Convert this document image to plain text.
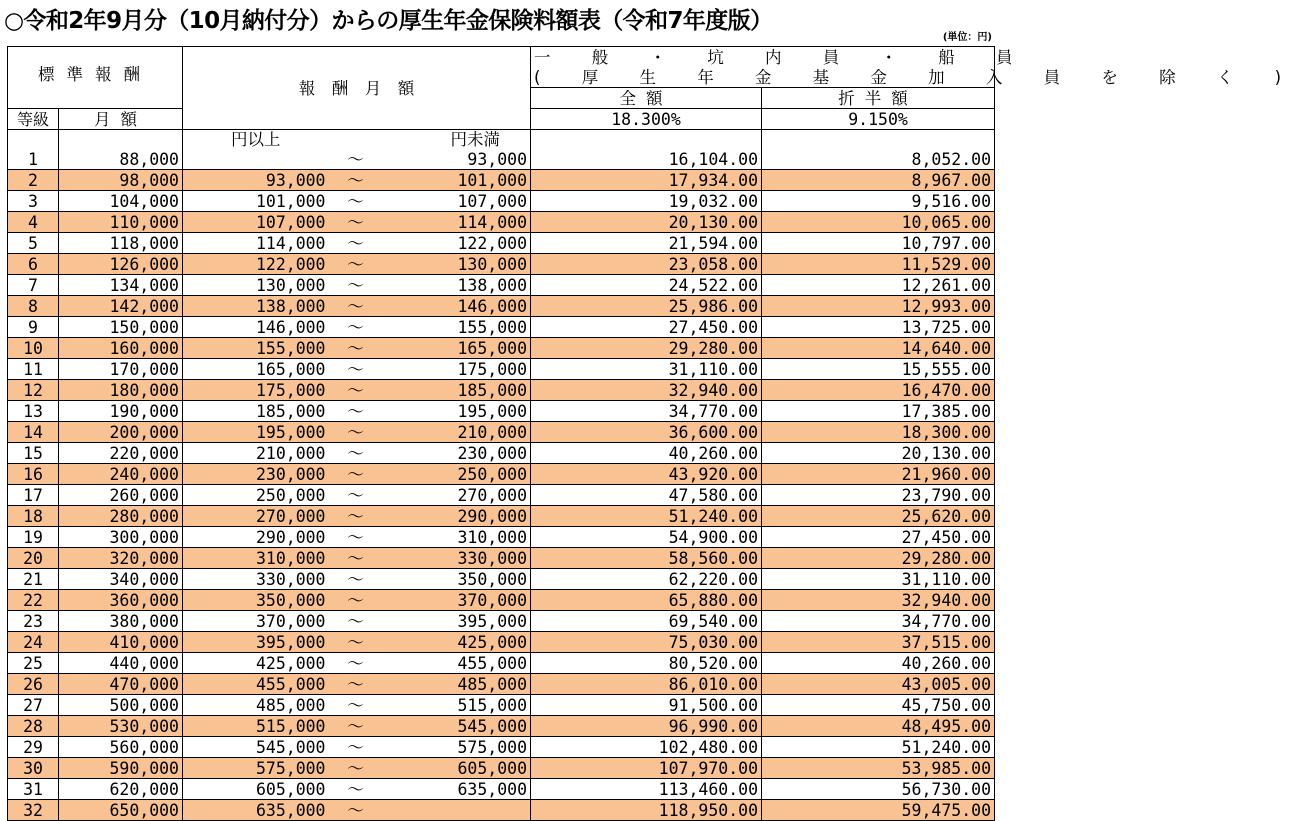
○令和2年9月分（10月納付分）からの厚生年金保険料額表（令和7年度版）
(単位：円)
標準報酬		報　酬　月　額			一 般 ・ 坑 内 員 ・ 船 員	
					( 厚 生 年 金 基 金 加 入 員 を 除 く )	
					全額	折半額
等級	月額				18.300%	9.150%
		円以上		円未満		
1	88,000		～	93,000	16,104.00	8,052.00
2	98,000	93,000	～	101,000	17,934.00	8,967.00
3	104,000	101,000	～	107,000	19,032.00	9,516.00
4	110,000	107,000	～	114,000	20,130.00	10,065.00
5	118,000	114,000	～	122,000	21,594.00	10,797.00
6	126,000	122,000	～	130,000	23,058.00	11,529.00
7	134,000	130,000	～	138,000	24,522.00	12,261.00
8	142,000	138,000	～	146,000	25,986.00	12,993.00
9	150,000	146,000	～	155,000	27,450.00	13,725.00
10	160,000	155,000	～	165,000	29,280.00	14,640.00
11	170,000	165,000	～	175,000	31,110.00	15,555.00
12	180,000	175,000	～	185,000	32,940.00	16,470.00
13	190,000	185,000	～	195,000	34,770.00	17,385.00
14	200,000	195,000	～	210,000	36,600.00	18,300.00
15	220,000	210,000	～	230,000	40,260.00	20,130.00
16	240,000	230,000	～	250,000	43,920.00	21,960.00
17	260,000	250,000	～	270,000	47,580.00	23,790.00
18	280,000	270,000	～	290,000	51,240.00	25,620.00
19	300,000	290,000	～	310,000	54,900.00	27,450.00
20	320,000	310,000	～	330,000	58,560.00	29,280.00
21	340,000	330,000	～	350,000	62,220.00	31,110.00
22	360,000	350,000	～	370,000	65,880.00	32,940.00
23	380,000	370,000	～	395,000	69,540.00	34,770.00
24	410,000	395,000	～	425,000	75,030.00	37,515.00
25	440,000	425,000	～	455,000	80,520.00	40,260.00
26	470,000	455,000	～	485,000	86,010.00	43,005.00
27	500,000	485,000	～	515,000	91,500.00	45,750.00
28	530,000	515,000	～	545,000	96,990.00	48,495.00
29	560,000	545,000	～	575,000	102,480.00	51,240.00
30	590,000	575,000	～	605,000	107,970.00	53,985.00
31	620,000	605,000	～	635,000	113,460.00	56,730.00
32	650,000	635,000	～		118,950.00	59,475.00
